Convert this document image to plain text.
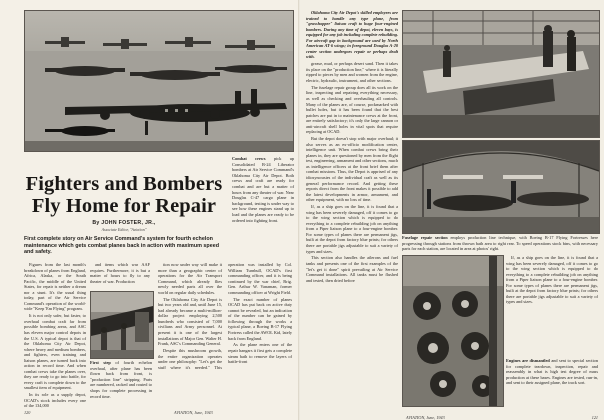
Fighters and Bombers
Fly Home for Repair
By JOHN FOSTER, JR.,
Associate Editor, "Aviation"
First complete story on Air Service Command's system for fourth echelon maintenance which gets combat planes back in action with maximum speed and safety.
Combat crews pick up Consolidated B-24 Liberator bombers at Air Service Command's Oklahoma City Air Depot. Both crews and craft are ready for combat and are but a matter of hours from any theater of war. Near Douglas C-47 cargo plane in background, testing is under way to see how these engines stand up to load and the planes are ready to be ordered into fighting front.

Figures from the last month's breakdown of planes from England, Africa, Alaska, or the South Pacific, the middle of the United States, for repair is neither a dream nor a stunt. It's the usual thing today, part of the Air Service Command's operation of the world-wide "Keep 'Em Flying" program.

It is not only safer, but faster, to overhaul combat craft far from possible bombing areas, and ASC has eleven major control depots in the U.S. A typical depot is that of the Oklahoma City Air Depot, where heavy and medium bombers, and fighters, even training and liaison planes, are turned back into action in record time. And when combat crews take the planes over, they are ready to go into battle, for every craft is complete down to the smallest item of equipment.

In its role as a supply depot, OCAD's stock includes every one of the 134,000

and items which war AAF requires. Furthermore, it is but a matter of hours to fly to any theater of war. Production

First step of fourth echelon overhaul, after plane has been flown back from front, is "production line" stripping. Parts are numbered, racked and routed to shops for complete processing in record time.

tion now under way will make it more than a geographic center of operations for the Air Transport Command, which already flies newly needed parts all over the world on regular daily schedules.

The Oklahoma City Air Depot is but two years old and, until June 15, had already became a multi-million-dollar project employing 2,500 hundreds who consisted of 7,000 civilians and Army personnel. At present it is one of the largest installations of Major Gen. Walter H. Frank, ASC's Commanding General.

Despite this mushroom growth, the entire organization operates under one philosophy: "Let's get the stuff where it's needed." This operation was installed by Col. William Turnbull, OCAD's first commanding officer, and it is being continued by the war chief, Brig. Gen. Arthur W. Vanaman, former commanding officer at Wright Field.

The exact number of planes OCAD has put back on active duty cannot be revealed, but an indication of the number can be gained by following through the works a typical plane, a Boeing B-17 Flying Fortress called the AWOL Kid, lately back from England.

As the plane enters one of the repair hangars it first gets a complete steam bath to remove the layers of battle-front

120	AVIATION, June, 1943

Oklahoma City Air Depot's skilled employees are trained to handle any type plane, from "grasshopper" liaison craft to huge four-engined bombers. During any time of depot, eleven bays, is equipped for any job including complete rebuilding. For aircraft gap in background are used by North American AT-6 wings; in foreground Douglas A-20 center section undergoes repair or perhaps dealt with.

grease, mud, or perhaps desert sand. Then it takes its place on the "production line," where it is literally ripped to pieces by men and women from the engine, electric, hydraulic, instrument, and other sections.

The fuselage repair group does all its work on the line, inspecting and repairing everything necessary, as well as checking and overhauling all controls. Many of the planes are, of course, pockmarked with bullet holes, but it has been found that the best patches are put in to maintenance crews at the front, are entirely satisfactory; it's only the large cannon or anti-aircraft shell holes in vital spots that require replacing at OCAD.

But the depot doesn't stop with major overhaul; it also serves as an ex-officio modification center, intelligence unit. When combat crews bring their planes in, they are questioned by men from the flight test, engineering, armament and other sections, much as intelligence officers at the front brief them after combat missions. Thus, the Depot is apprised of any idiosyncrasies of the individual craft as well as its general performance record. And getting these reports direct from the front makes it possible to add the latest developments in armor, armament, and other equipment, with no loss of time.

If, as a ship goes on the line, it is found that a wing has been severely damaged, off it comes to go to the wing section which is equipped to do everything to a complete rebuilding job on anything from a Piper liaison plane to a four-engine bomber. For some types of planes there are permanent jigs, built at the depot from factory blue prints; for others there are portable jigs adjustable to suit a variety of types and sizes.

This section also handles the ailerons and fuel tanks and presents one of the first examples of the "let's get it done" spirit prevailing at Air Service Command installations. All tanks must be flushed and tested, then dried before

Fuselage repair section employs production line technique, with Boeing B-17 Flying Fortresses here progressing through stations from thrown bath area to right rear. To speed operations stock bins, with necessary parts for each station, are located in area at photos' right.

If, as a ship goes on the line, it is found that a wing has been severely damaged, off it comes to go to the wing section which is equipped to do everything to a complete rebuilding job on anything from a Piper liaison plane to a four-engine bomber. For some types of planes there are permanent jigs, built at the depot from factory blue prints; for others there are portable jigs adjustable to suit a variety of types and sizes.

Engines are dismantled and sent to special section for complete teardown, inspection, repair and reassembly in what is high test degree of mass production at these bases. Engines are tested, run-in, and sent to their assigned plane, the track sort.
AVIATION, June, 1943	121
